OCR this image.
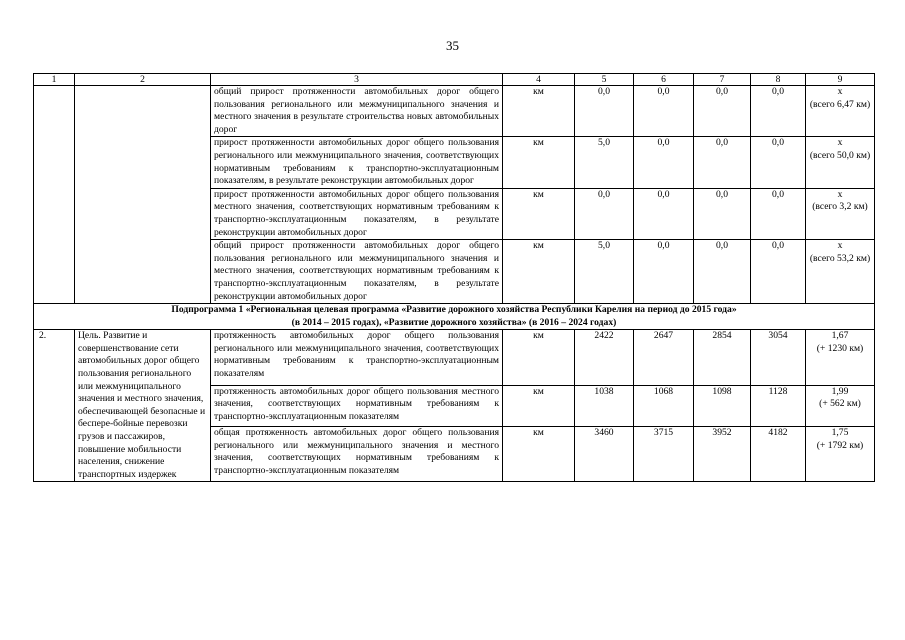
35
1	2	3	4	5	6	7	8	9
		общий прирост протяженности автомобильных дорог общего пользования регионального или межмуниципального значения и местного значения в результате строительства новых автомобильных дорог	км	0,0	0,0	0,0	0,0	х
(всего 6,47 км)

		прирост протяженности автомобильных дорог общего пользования регионального или межмуниципального значения, соответствующих нормативным требованиям к транспортно-эксплуатационным показателям, в результате реконструкции автомобильных дорог	км	5,0	0,0	0,0	0,0	х
(всего 50,0 км)

		прирост протяженности автомобильных дорог общего пользования местного значения, соответствующих нормативным требованиям к транспортно-эксплуатационным показателям, в результате реконструкции автомобильных дорог	км	0,0	0,0	0,0	0,0	х
(всего 3,2 км)

		общий прирост протяженности автомобильных дорог общего пользования регионального или межмуниципального значения и местного значения, соответствующих нормативным требованиям к транспортно-эксплуатационным показателям, в результате реконструкции автомобильных дорог	км	5,0	0,0	0,0	0,0	х
(всего 53,2 км)

Подпрограмма 1 «Региональная целевая программа «Развитие дорожного хозяйства Республики Карелия на период до 2015 года»
(в 2014 – 2015 годах), «Развитие дорожного хозяйства» (в 2016 – 2024 годах)								

2.	Цель. Развитие и совершенствование сети автомобильных дорог общего пользования регионального или межмуниципального значения и местного значения, обеспечивающей безопасные и беспере-бойные перевозки грузов и пассажиров, повышение мобильности населения, снижение транспортных издержек	протяженность автомобильных дорог общего пользования регионального или межмуниципального значения, соответствующих нормативным требованиям к транспортно-эксплуатационным показателям	км	2422	2647	2854	3054	1,67
(+ 1230 км)

		протяженность автомобильных дорог общего пользования местного значения, соответствующих нормативным требованиям к транспортно-эксплуатационным показателям	км	1038	1068	1098	1128	1,99
(+ 562 км)

		общая протяженность автомобильных дорог общего пользования регионального или межмуниципального значения и местного значения, соответствующих нормативным требованиям к транспортно-эксплуатационным показателям	км	3460	3715	3952	4182	1,75
(+ 1792 км)
